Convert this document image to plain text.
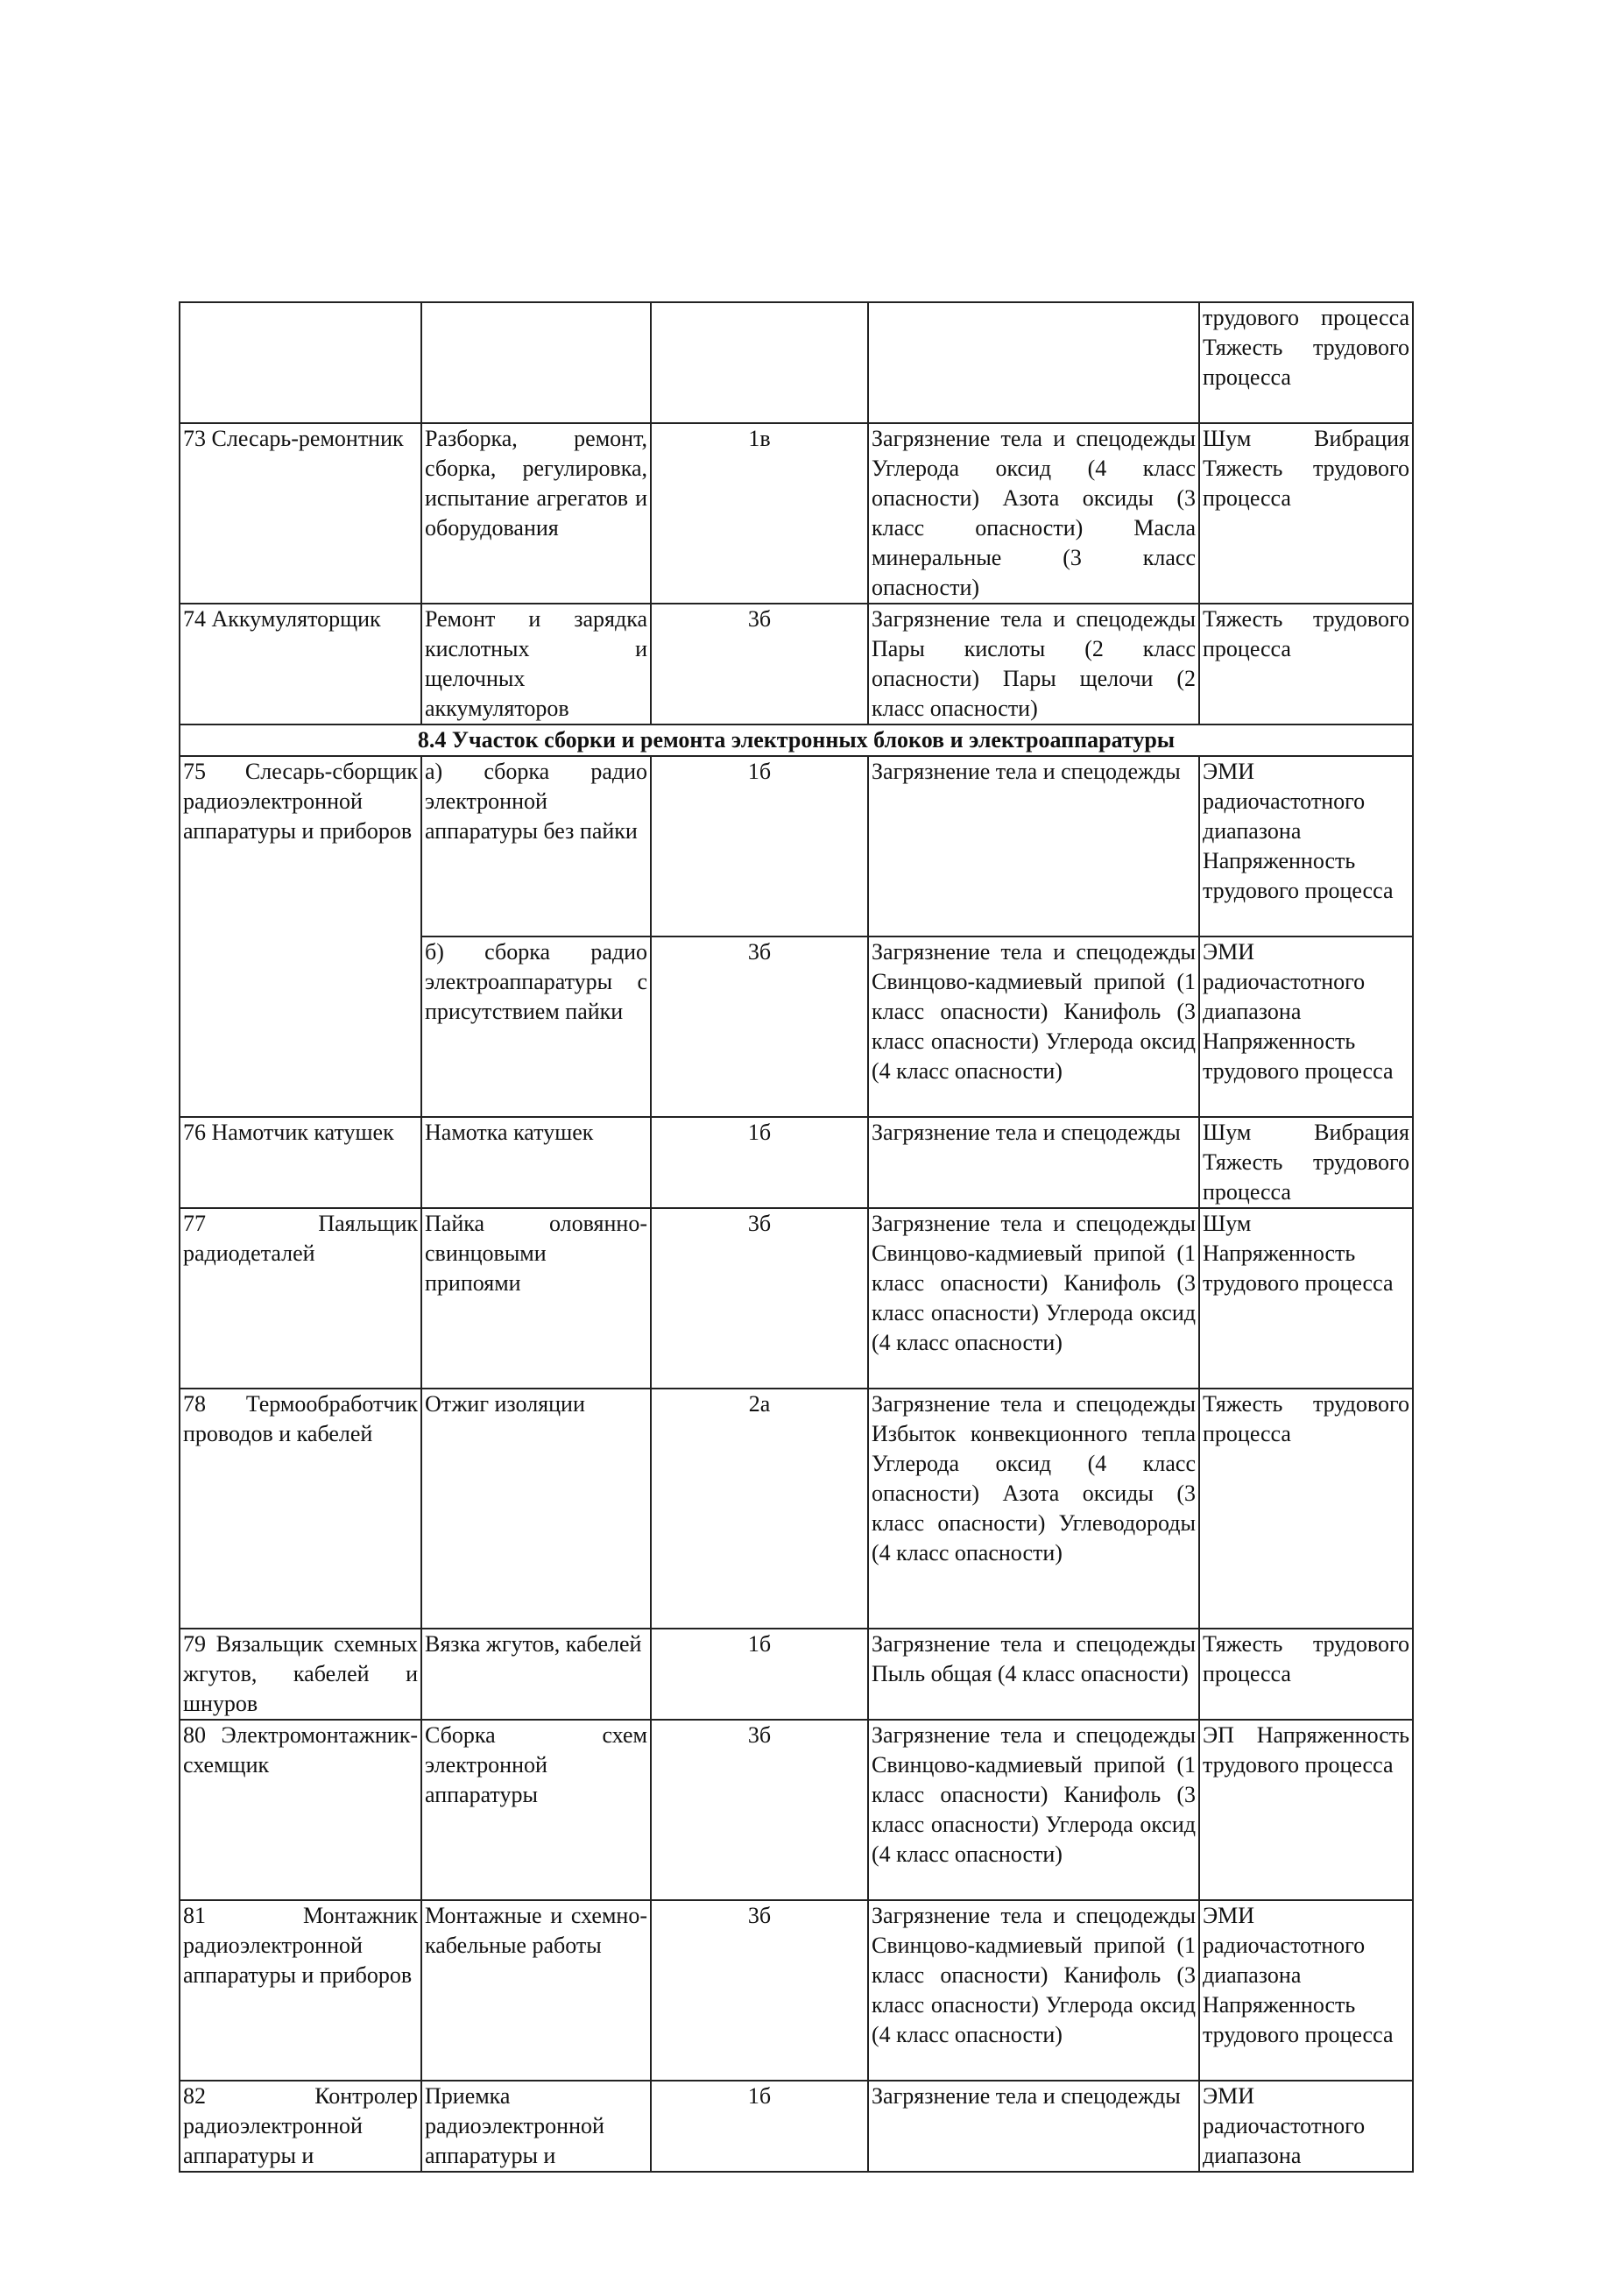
				трудового процесса Тяжесть трудового процесса
73 Слесарь-ремонтник	Разборка, ремонт, сборка, регулировка, испытание агрегатов и оборудования	1в	Загрязнение тела и спецодежды Углерода оксид (4 класс опасности) Азота оксиды (3 класс опасности) Масла минеральные (3 класс опасности)	Шум Вибрация Тяжесть трудового процесса
74 Аккумуляторщик	Ремонт и зарядка кислотных и щелочных аккумуляторов	3б	Загрязнение тела и спецодежды Пары кислоты (2 класс опасности) Пары щелочи (2 класс опасности)	Тяжесть трудового процесса
8.4 Участок сборки и ремонта электронных блоков и электроаппаратуры				
75 Слесарь-сборщик радиоэлектронной аппаратуры и приборов	а) сборка радио электронной аппаратуры без пайки	1б	Загрязнение тела и спецодежды	ЭМИ радиочастотного диапазона Напряженность трудового процесса
	б) сборка радио электроаппаратуры с присутствием пайки	3б	Загрязнение тела и спецодежды Свинцово-кадмиевый припой (1 класс опасности) Канифоль (3 класс опасности) Углерода оксид (4 класс опасности)	ЭМИ радиочастотного диапазона Напряженность трудового процесса
76 Намотчик катушек	Намотка катушек	1б	Загрязнение тела и спецодежды	Шум Вибрация Тяжесть трудового процесса
77 Паяльщик радиодеталей	Пайка оловянно-свинцовыми припоями	3б	Загрязнение тела и спецодежды Свинцово-кадмиевый припой (1 класс опасности) Канифоль (3 класс опасности) Углерода оксид (4 класс опасности)	Шум Напряженность трудового процесса
78 Термообработчик проводов и кабелей	Отжиг изоляции	2а	Загрязнение тела и спецодежды Избыток конвекционного тепла Углерода оксид (4 класс опасности) Азота оксиды (3 класс опасности) Углеводороды (4 класс опасности)	Тяжесть трудового процесса
79 Вязальщик схемных жгутов, кабелей и шнуров	Вязка жгутов, кабелей	1б	Загрязнение тела и спецодежды Пыль общая (4 класс опасности)	Тяжесть трудового процесса
80 Электромонтажник-схемщик	Сборка схем электронной аппаратуры	3б	Загрязнение тела и спецодежды Свинцово-кадмиевый припой (1 класс опасности) Канифоль (3 класс опасности) Углерода оксид (4 класс опасности)	ЭП Напряженность трудового процесса
81 Монтажник радиоэлектронной аппаратуры и приборов	Монтажные и схемно-кабельные работы	3б	Загрязнение тела и спецодежды Свинцово-кадмиевый припой (1 класс опасности) Канифоль (3 класс опасности) Углерода оксид (4 класс опасности)	ЭМИ радиочастотного диапазона Напряженность трудового процесса
82 Контролер радиоэлектронной аппаратуры и	Приемка радиоэлектронной аппаратуры и	1б	Загрязнение тела и спецодежды	ЭМИ радиочастотного диапазона
